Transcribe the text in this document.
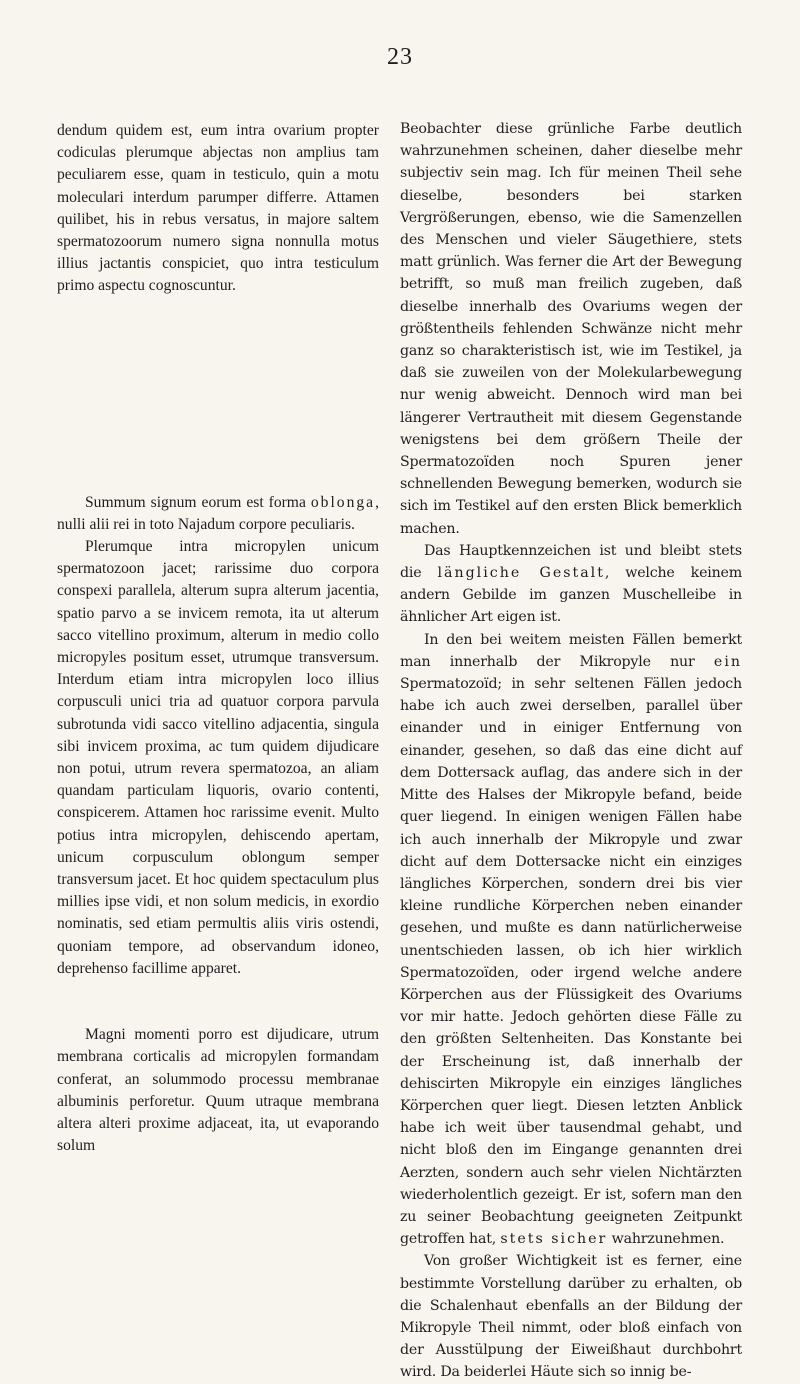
23

dendum quidem est, eum intra ovarium propter codiculas plerumque abjectas non amplius tam peculiarem esse, quam in testiculo, quin a motu moleculari interdum parumper differre. Attamen quilibet, his in rebus versatus, in majore saltem spermatozoorum numero signa nonnulla motus illius jactantis conspiciet, quo intra testiculum primo aspectu cognoscuntur.

Summum signum eorum est forma oblonga, nulli alii rei in toto Najadum corpore peculiaris.

Plerumque intra micropylen unicum spermatozoon jacet; rarissime duo corpora conspexi parallela, alterum supra alterum jacentia, spatio parvo a se invicem remota, ita ut alterum sacco vitellino proximum, alterum in medio collo micropyles positum esset, utrumque transversum. Interdum etiam intra micropylen loco illius corpusculi unici tria ad quatuor corpora parvula subrotunda vidi sacco vitellino adjacentia, singula sibi invicem proxima, ac tum quidem dijudicare non potui, utrum revera spermatozoa, an aliam quandam particulam liquoris, ovario contenti, conspicerem. Attamen hoc rarissime evenit. Multo potius intra micropylen, dehiscendo apertam, unicum corpusculum oblongum semper transversum jacet. Et hoc quidem spectaculum plus millies ipse vidi, et non solum medicis, in exordio nominatis, sed etiam permultis aliis viris ostendi, quoniam tempore, ad observandum idoneo, deprehenso facillime apparet.

Magni momenti porro est dijudicare, utrum membrana corticalis ad micropylen formandam conferat, an solummodo processu membranae albuminis perforetur. Quum utraque membrana altera alteri proxime adjaceat, ita, ut evaporando solum

Beobachter diese grünliche Farbe deutlich wahrzunehmen scheinen, daher dieselbe mehr subjectiv sein mag. Ich für meinen Theil sehe dieselbe, besonders bei starken Vergrößerungen, ebenso, wie die Samenzellen des Menschen und vieler Säugethiere, stets matt grünlich. Was ferner die Art der Bewegung betrifft, so muß man freilich zugeben, daß dieselbe innerhalb des Ovariums wegen der größtentheils fehlenden Schwänze nicht mehr ganz so charakteristisch ist, wie im Testikel, ja daß sie zuweilen von der Molekularbewegung nur wenig abweicht. Dennoch wird man bei längerer Vertrautheit mit diesem Gegenstande wenigstens bei dem größern Theile der Spermatozoïden noch Spuren jener schnellenden Bewegung bemerken, wodurch sie sich im Testikel auf den ersten Blick bemerklich machen.

Das Hauptkennzeichen ist und bleibt stets die längliche Gestalt, welche keinem andern Gebilde im ganzen Muschelleibe in ähnlicher Art eigen ist.

In den bei weitem meisten Fällen bemerkt man innerhalb der Mikropyle nur ein Spermatozoïd; in sehr seltenen Fällen jedoch habe ich auch zwei derselben, parallel über einander und in einiger Entfernung von einander, gesehen, so daß das eine dicht auf dem Dottersack auflag, das andere sich in der Mitte des Halses der Mikropyle befand, beide quer liegend. In einigen wenigen Fällen habe ich auch innerhalb der Mikropyle und zwar dicht auf dem Dottersacke nicht ein einziges längliches Körperchen, sondern drei bis vier kleine rundliche Körperchen neben einander gesehen, und mußte es dann natürlicherweise unentschieden lassen, ob ich hier wirklich Spermatozoïden, oder irgend welche andere Körperchen aus der Flüssigkeit des Ovariums vor mir hatte. Jedoch gehörten diese Fälle zu den größten Seltenheiten. Das Konstante bei der Erscheinung ist, daß innerhalb der dehiscirten Mikropyle ein einziges längliches Körperchen quer liegt. Diesen letzten Anblick habe ich weit über tausendmal gehabt, und nicht bloß den im Eingange genannten drei Aerzten, sondern auch sehr vielen Nichtärzten wiederholentlich gezeigt. Er ist, sofern man den zu seiner Beobachtung geeigneten Zeitpunkt getroffen hat, stets sicher wahrzunehmen.

Von großer Wichtigkeit ist es ferner, eine bestimmte Vorstellung darüber zu erhalten, ob die Schalenhaut ebenfalls an der Bildung der Mikropyle Theil nimmt, oder bloß einfach von der Ausstülpung der Eiweißhaut durchbohrt wird. Da beiderlei Häute sich so innig be-
